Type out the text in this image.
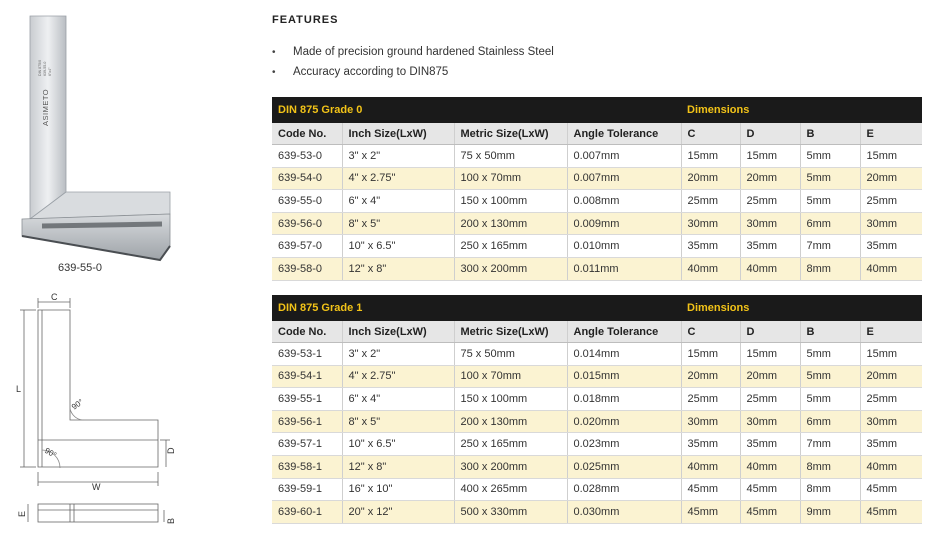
ASIMETO
DIN 875/0 639-55-0 6"x4"
639-55-0
C
L
90°
90°	D
W
E
B
FEATURES
• Made of precision ground hardened Stainless Steel
• Accuracy according to DIN875
DIN 875 Grade 0				Dimensions			
Code No.	Inch Size(LxW)	Metric Size(LxW)	Angle Tolerance	C	D	B	E
639-53-0	3" x 2"	75 x 50mm	0.007mm	15mm	15mm	5mm	15mm
639-54-0	4" x 2.75"	100 x 70mm	0.007mm	20mm	20mm	5mm	20mm
639-55-0	6" x 4"	150 x 100mm	0.008mm	25mm	25mm	5mm	25mm
639-56-0	8" x 5"	200 x 130mm	0.009mm	30mm	30mm	6mm	30mm
639-57-0	10" x 6.5"	250 x 165mm	0.010mm	35mm	35mm	7mm	35mm
639-58-0	12" x 8"	300 x 200mm	0.011mm	40mm	40mm	8mm	40mm
DIN 875 Grade 1				Dimensions			
Code No.	Inch Size(LxW)	Metric Size(LxW)	Angle Tolerance	C	D	B	E
639-53-1	3" x 2"	75 x 50mm	0.014mm	15mm	15mm	5mm	15mm
639-54-1	4" x 2.75"	100 x 70mm	0.015mm	20mm	20mm	5mm	20mm
639-55-1	6" x 4"	150 x 100mm	0.018mm	25mm	25mm	5mm	25mm
639-56-1	8" x 5"	200 x 130mm	0.020mm	30mm	30mm	6mm	30mm
639-57-1	10" x 6.5"	250 x 165mm	0.023mm	35mm	35mm	7mm	35mm
639-58-1	12" x 8"	300 x 200mm	0.025mm	40mm	40mm	8mm	40mm
639-59-1	16" x 10"	400 x 265mm	0.028mm	45mm	45mm	8mm	45mm
639-60-1	20" x 12"	500 x 330mm	0.030mm	45mm	45mm	9mm	45mm
